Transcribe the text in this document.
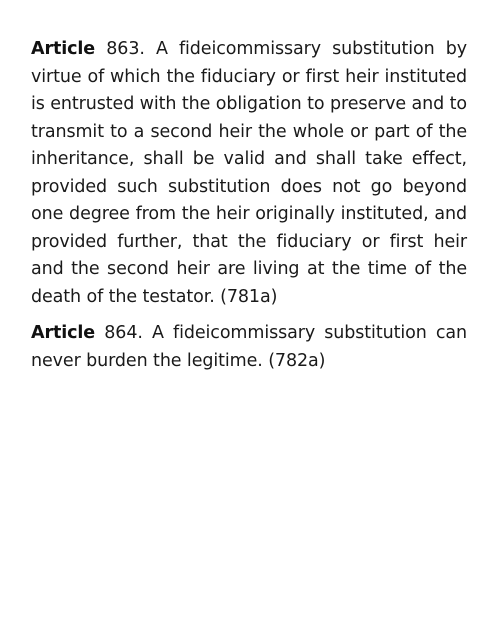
Article 863. A fideicommissary substitution by virtue of which the fiduciary or first heir instituted is entrusted with the obligation to preserve and to transmit to a second heir the whole or part of the inheritance, shall be valid and shall take effect, provided such substitution does not go beyond one degree from the heir originally instituted, and provided further, that the fiduciary or first heir and the second heir are living at the time of the death of the testator. (781a)

Article 864. A fideicommissary substitution can never burden the legitime. (782a)
